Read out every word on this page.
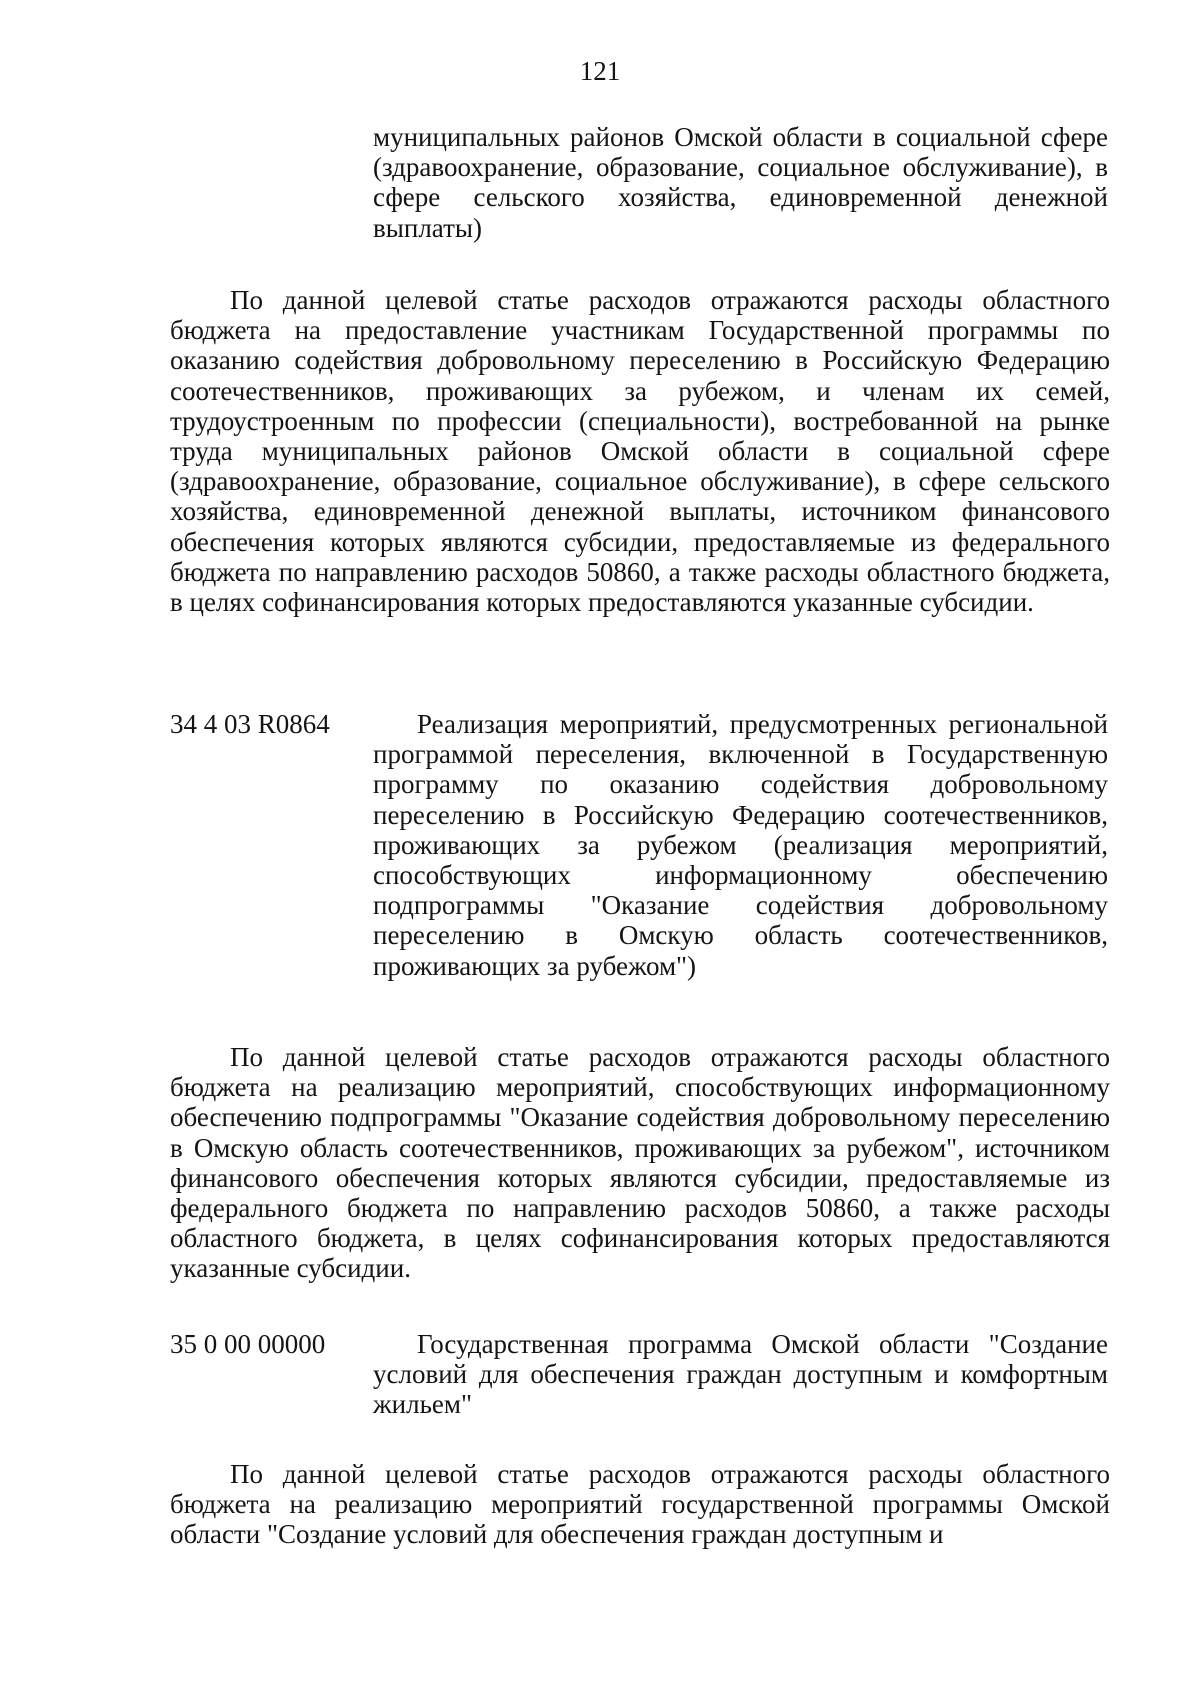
121
муниципальных районов Омской области в социальной сфере (здравоохранение, образование, социальное обслуживание), в сфере сельского хозяйства, единовременной денежной выплаты)
По данной целевой статье расходов отражаются расходы областного бюджета на предоставление участникам Государственной программы по оказанию содействия добровольному переселению в Российскую Федерацию соотечественников, проживающих за рубежом, и членам их семей, трудоустроенным по профессии (специальности), востребованной на рынке труда муниципальных районов Омской области в социальной сфере (здравоохранение, образование, социальное обслуживание), в сфере сельского хозяйства, единовременной денежной выплаты, источником финансового обеспечения которых являются субсидии, предоставляемые из федерального бюджета по направлению расходов 50860, а также расходы областного бюджета, в целях софинансирования которых предоставляются указанные субсидии.
34 4 03 R0864	Реализация мероприятий, предусмотренных региональной программой переселения, включенной в Государственную программу по оказанию содействия добровольному переселению в Российскую Федерацию соотечественников, проживающих за рубежом (реализация мероприятий, способствующих информационному обеспечению подпрограммы "Оказание содействия добровольному переселению в Омскую область соотечественников, проживающих за рубежом")
По данной целевой статье расходов отражаются расходы областного бюджета на реализацию мероприятий, способствующих информационному обеспечению подпрограммы "Оказание содействия добровольному переселению в Омскую область соотечественников, проживающих за рубежом", источником финансового обеспечения которых являются субсидии, предоставляемые из федерального бюджета по направлению расходов 50860, а также расходы областного бюджета, в целях софинансирования которых предоставляются указанные субсидии.
35 0 00 00000	Государственная программа Омской области "Создание условий для обеспечения граждан доступным и комфортным жильем"
По данной целевой статье расходов отражаются расходы областного бюджета на реализацию мероприятий государственной программы Омской области "Создание условий для обеспечения граждан доступным и
